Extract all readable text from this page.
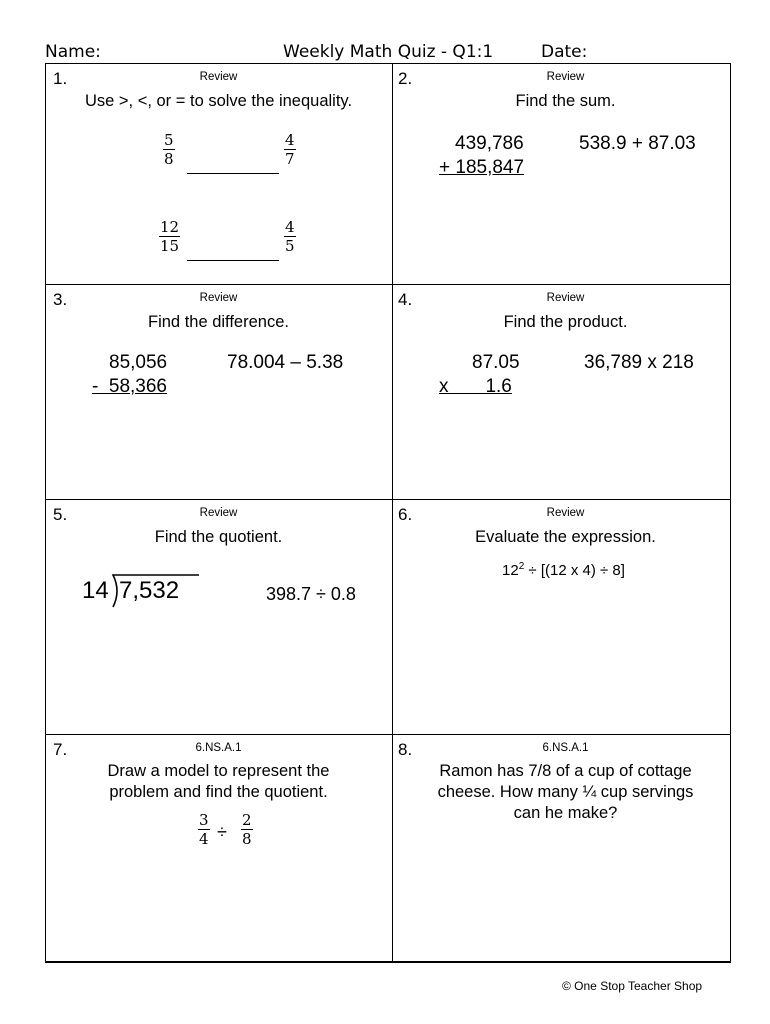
Name:	Weekly Math Quiz - Q1:1	Date:
1.	Review
Use >, <, or = to solve the inequality.
$\frac{5}{8}$	$\frac{4}{7}$
$\frac{12}{15}$	$\frac{4}{5}$
2.	Review
Find the sum.
439,786
+ 185,847
538.9 + 87.03
3.	Review
Find the difference.
85,056
-  58,366
78.004 – 5.38
4.	Review
Find the product.
87.05
x       1.6
36,789 x 218
5.	Review
Find the quotient.
14 7,532	398.7 ÷ 0.8
6.	Review
Evaluate the expression.
$12^2 \div [(12$ x 4) ÷ 8]
7.	6.NS.A.1
Draw a model to represent the
problem and find the quotient.
$\frac{3}{4} \div \frac{2}{8}$
8.	6.NS.A.1
Ramon has 7/8 of a cup of cottage
cheese. How many ¼ cup servings
can he make?
© One Stop Teacher Shop
